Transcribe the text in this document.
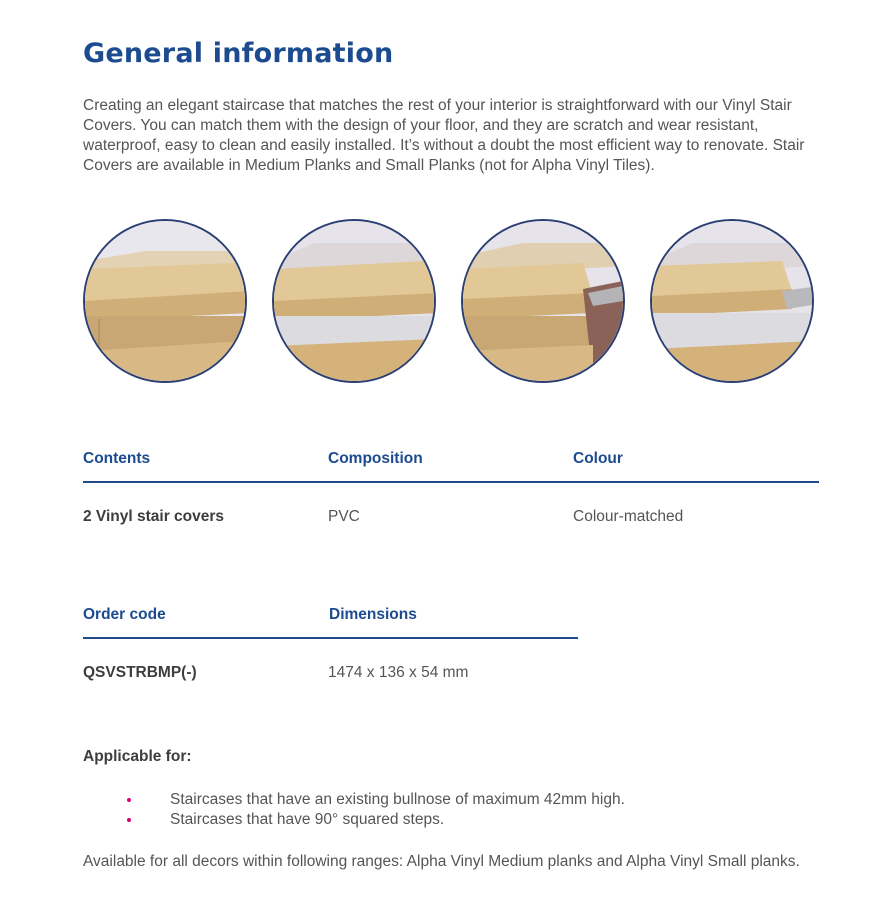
General information

Creating an elegant staircase that matches the rest of your interior is straightforward with our Vinyl Stair Covers. You can match them with the design of your floor, and they are scratch and wear resistant, waterproof, easy to clean and easily installed. It’s without a doubt the most efficient way to renovate. Stair Covers are available in Medium Planks and Small Planks (not for Alpha Vinyl Tiles).

Contents	Composition	Colour
2 Vinyl stair covers	PVC	Colour-matched
Order code	Dimensions
QSVSTRBMP(-)	1474 x 136 x 54 mm
Applicable for:
Staircases that have an existing bullnose of maximum 42mm high.
Staircases that have 90° squared steps.

Available for all decors within following ranges: Alpha Vinyl Medium planks and Alpha Vinyl Small planks.
